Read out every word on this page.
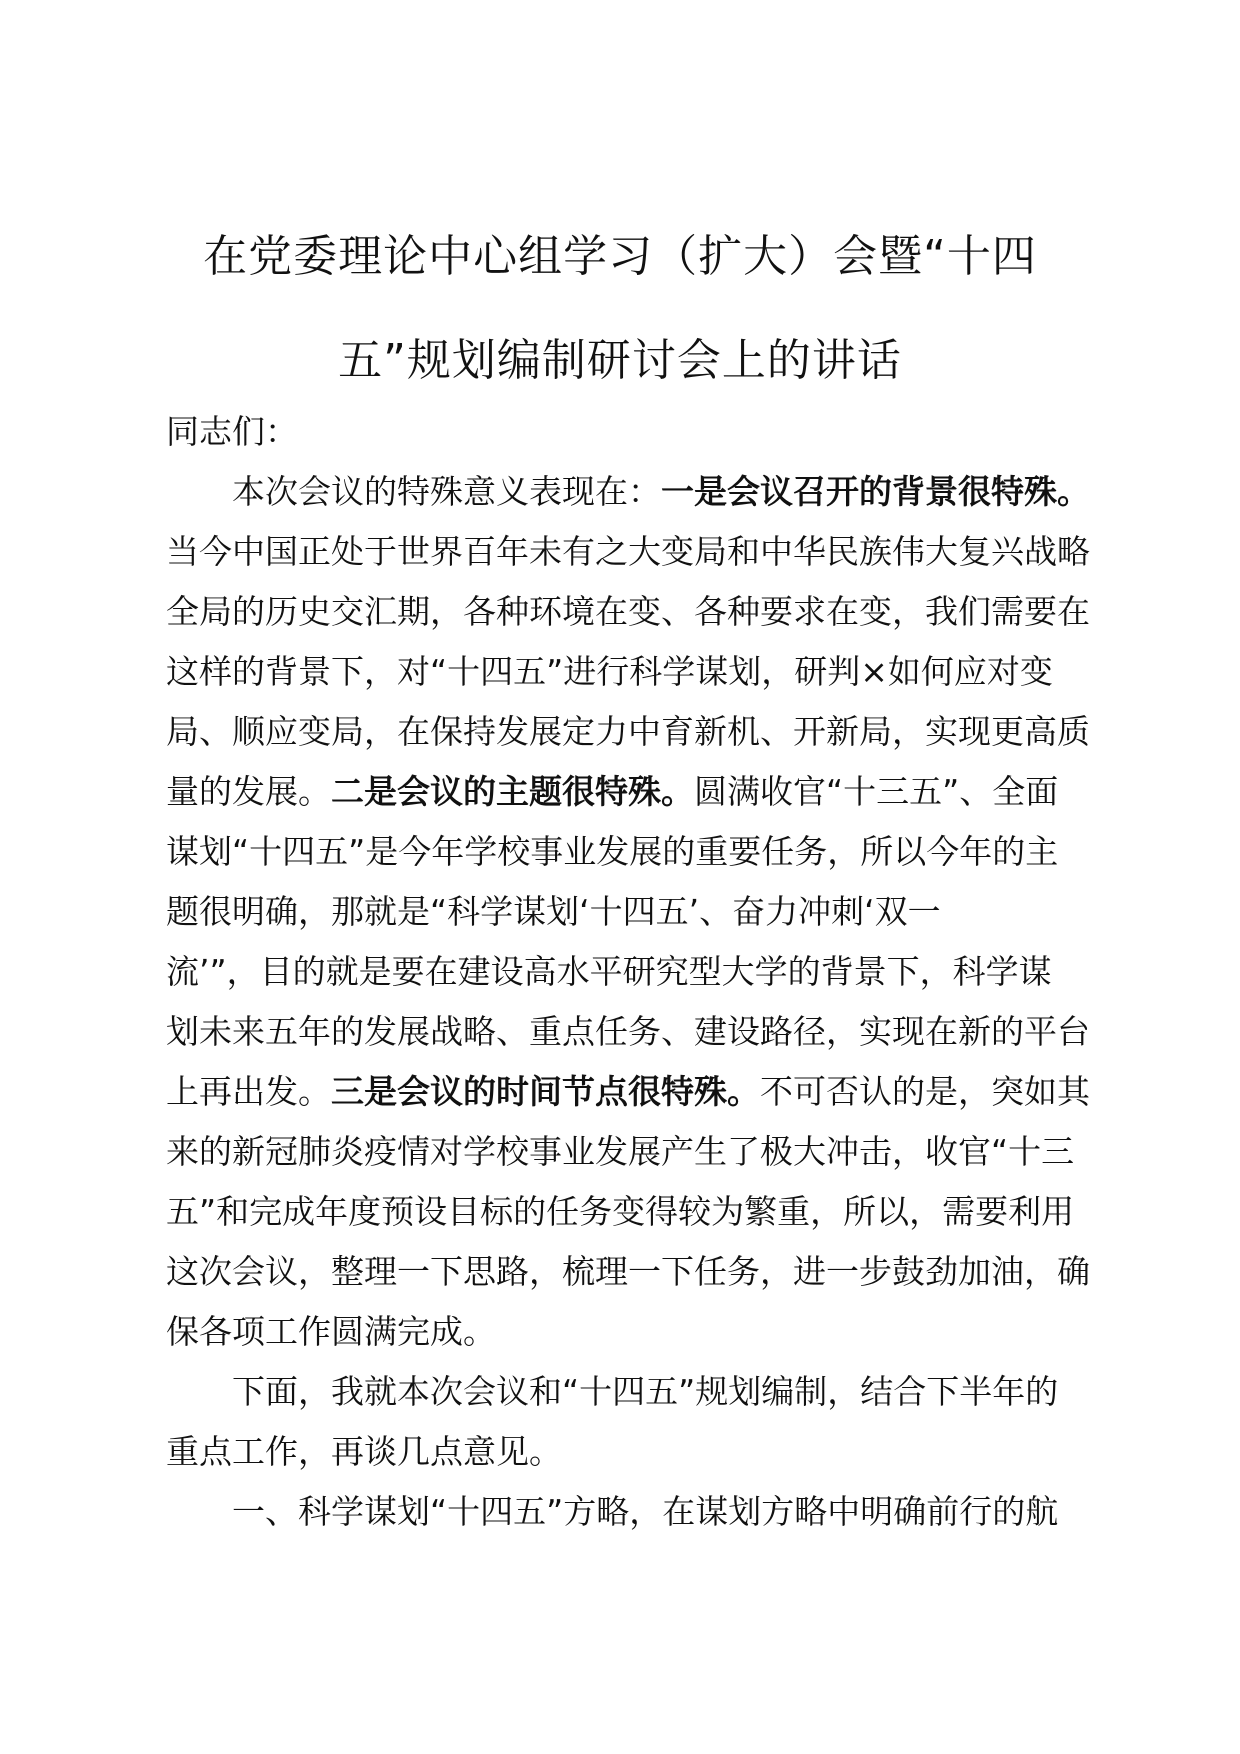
在党委理论中心组学习（扩大）会暨“十四
五”规划编制研讨会上的讲话
同志们：
本次会议的特殊意义表现在：一是会议召开的背景很特殊。
当今中国正处于世界百年未有之大变局和中华民族伟大复兴战略
全局的历史交汇期，各种环境在变、各种要求在变，我们需要在
这样的背景下，对“十四五”进行科学谋划，研判×如何应对变
局、顺应变局，在保持发展定力中育新机、开新局，实现更高质
量的发展。二是会议的主题很特殊。圆满收官“十三五”、全面
谋划“十四五”是今年学校事业发展的重要任务，所以今年的主
题很明确，那就是“科学谋划‘十四五’、奋力冲刺‘双一
流’”，目的就是要在建设高水平研究型大学的背景下，科学谋
划未来五年的发展战略、重点任务、建设路径，实现在新的平台
上再出发。三是会议的时间节点很特殊。不可否认的是，突如其
来的新冠肺炎疫情对学校事业发展产生了极大冲击，收官“十三
五”和完成年度预设目标的任务变得较为繁重，所以，需要利用
这次会议，整理一下思路，梳理一下任务，进一步鼓劲加油，确
保各项工作圆满完成。
下面，我就本次会议和“十四五”规划编制，结合下半年的
重点工作，再谈几点意见。
一、科学谋划“十四五”方略，在谋划方略中明确前行的航
